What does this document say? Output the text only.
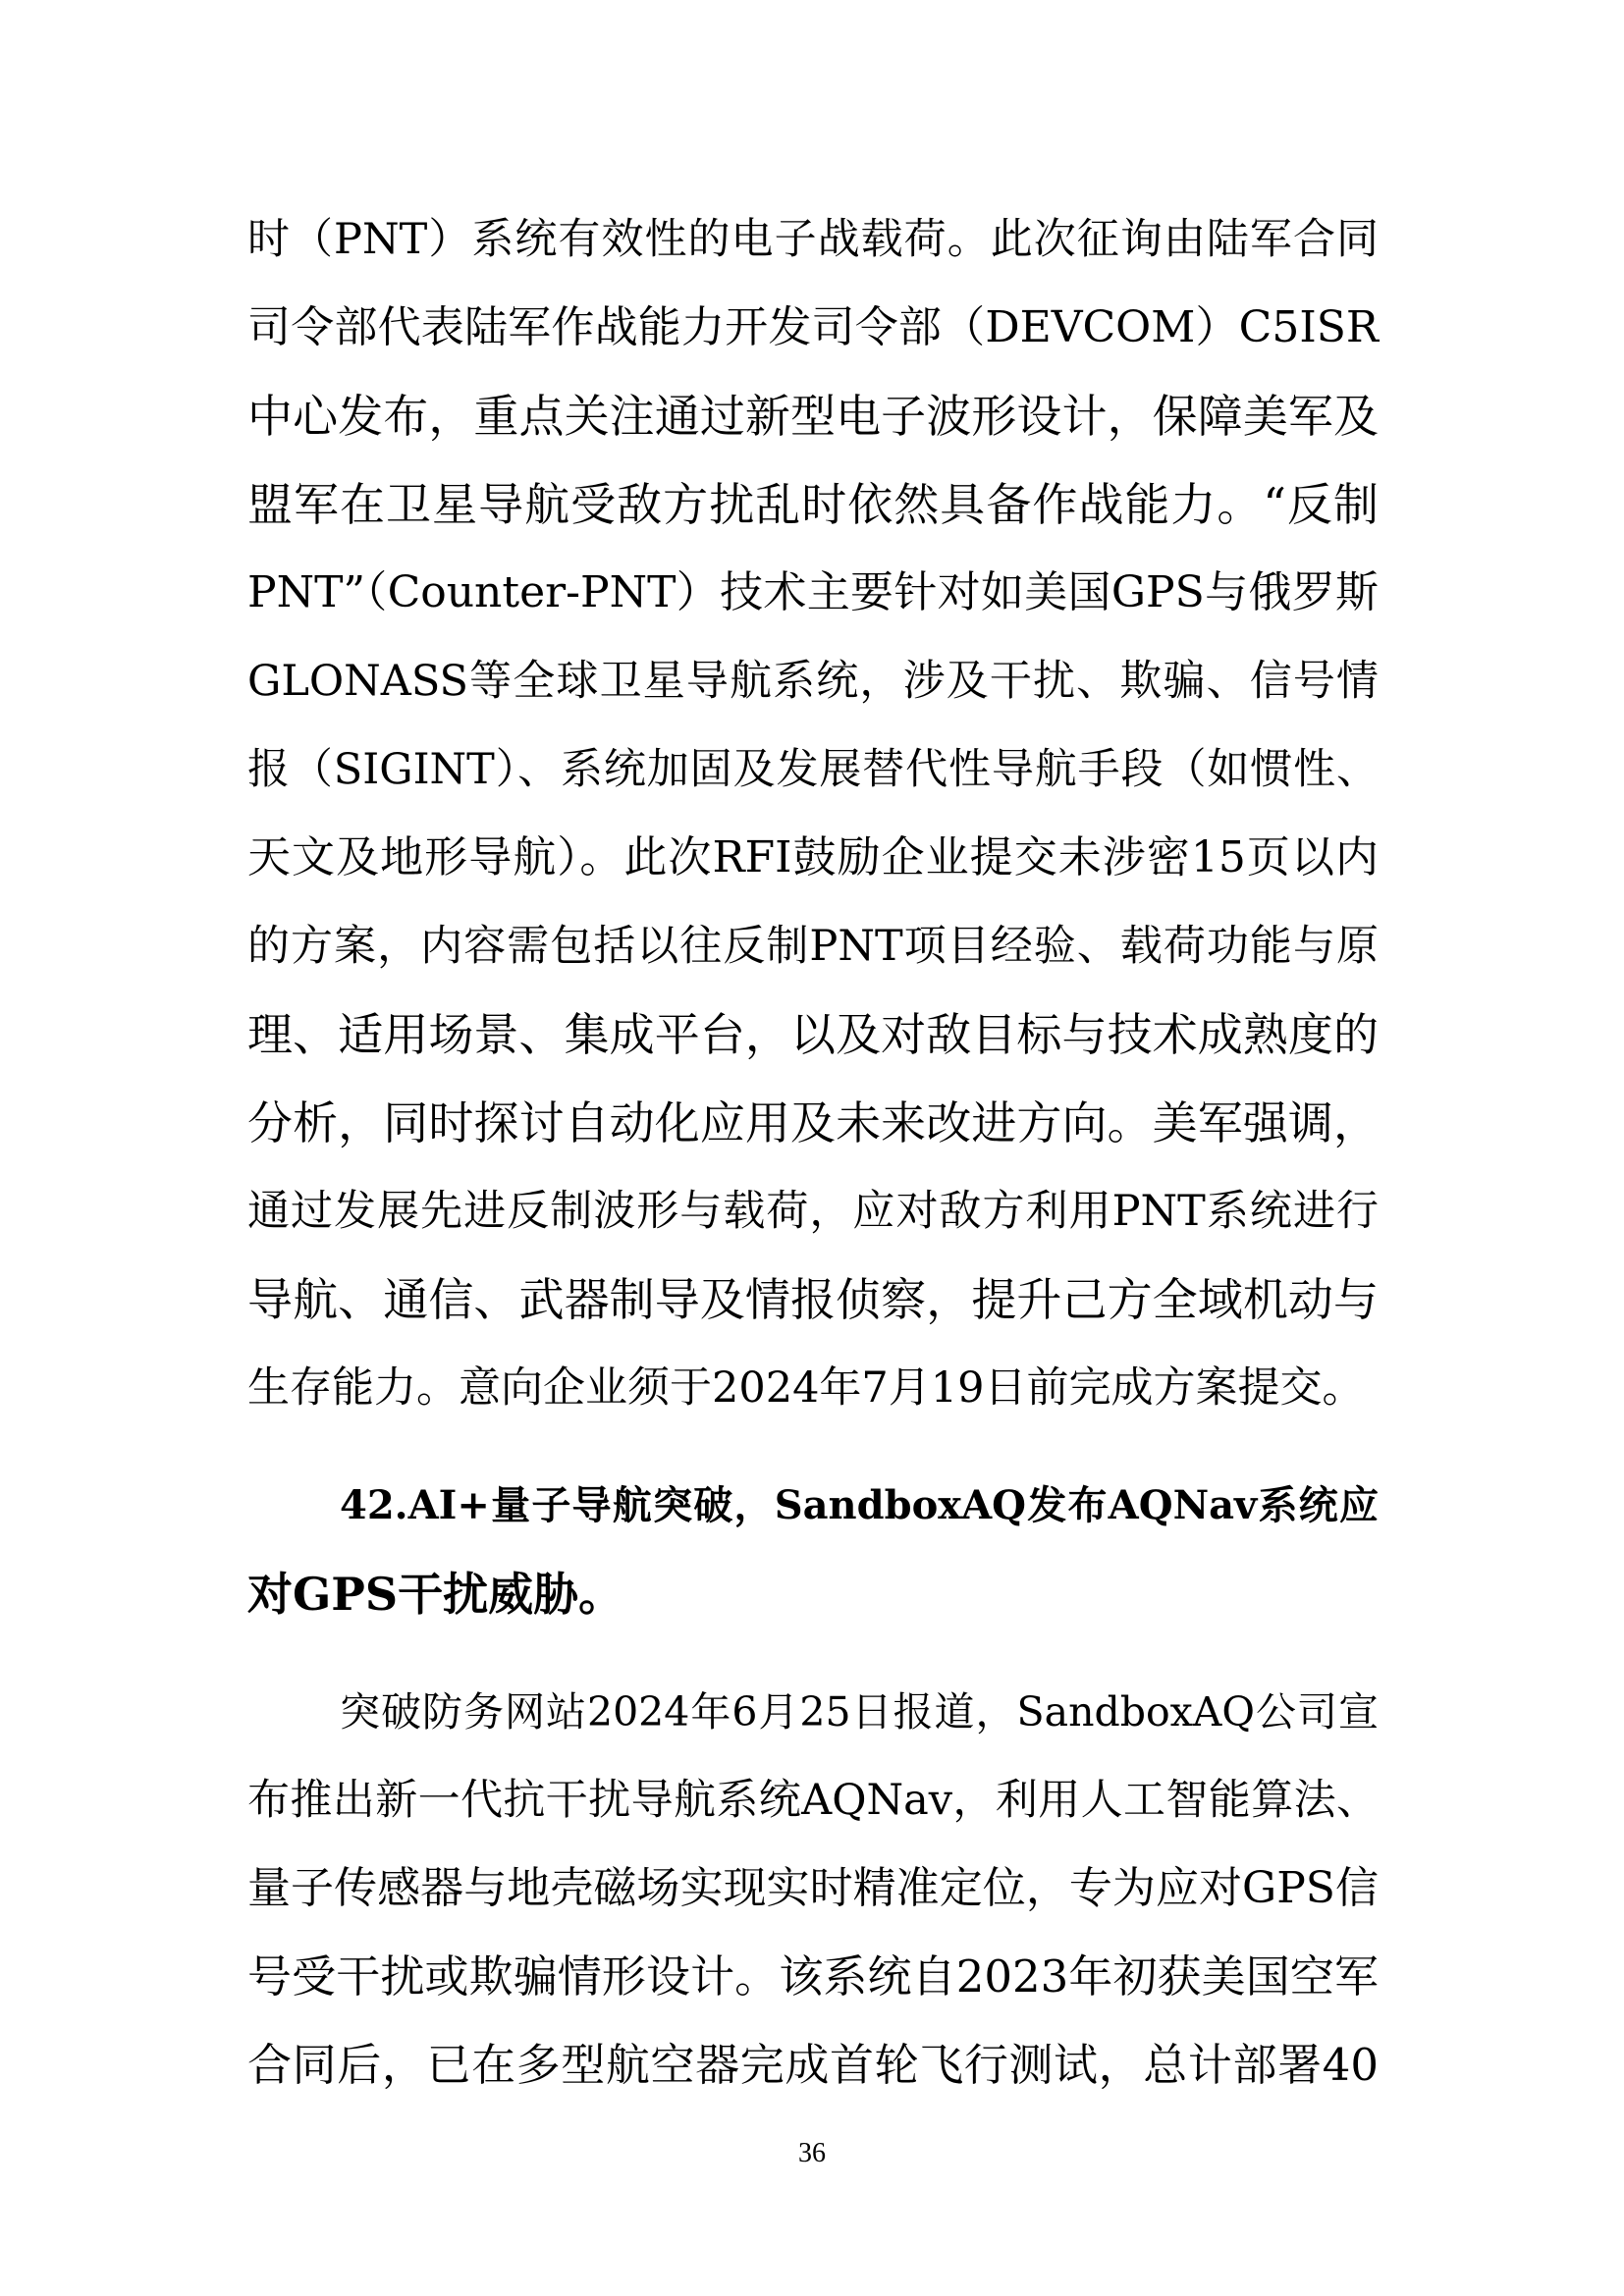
时（PNT）系统有效性的电子战载荷。此次征询由陆军合同
司令部代表陆军作战能力开发司令部（DEVCOM）C5ISR
中心发布，重点关注通过新型电子波形设计，保障美军及
盟军在卫星导航受敌方扰乱时依然具备作战能力。“反制
PNT”（Counter-PNT）技术主要针对如美国GPS与俄罗斯
GLONASS等全球卫星导航系统，涉及干扰、欺骗、信号情
报（SIGINT）、系统加固及发展替代性导航手段（如惯性、
天文及地形导航）。此次RFI鼓励企业提交未涉密15页以内
的方案，内容需包括以往反制PNT项目经验、载荷功能与原
理、适用场景、集成平台，以及对敌目标与技术成熟度的
分析，同时探讨自动化应用及未来改进方向。美军强调，
通过发展先进反制波形与载荷，应对敌方利用PNT系统进行
导航、通信、武器制导及情报侦察，提升己方全域机动与
生存能力。意向企业须于2024年7月19日前完成方案提交。
42.AI+量子导航突破，SandboxAQ发布AQNav系统应
对GPS干扰威胁。
突破防务网站2024年6月25日报道，SandboxAQ公司宣
布推出新一代抗干扰导航系统AQNav，利用人工智能算法、
量子传感器与地壳磁场实现实时精准定位，专为应对GPS信
号受干扰或欺骗情形设计。该系统自2023年初获美国空军
合同后，已在多型航空器完成首轮飞行测试，总计部署40
36
